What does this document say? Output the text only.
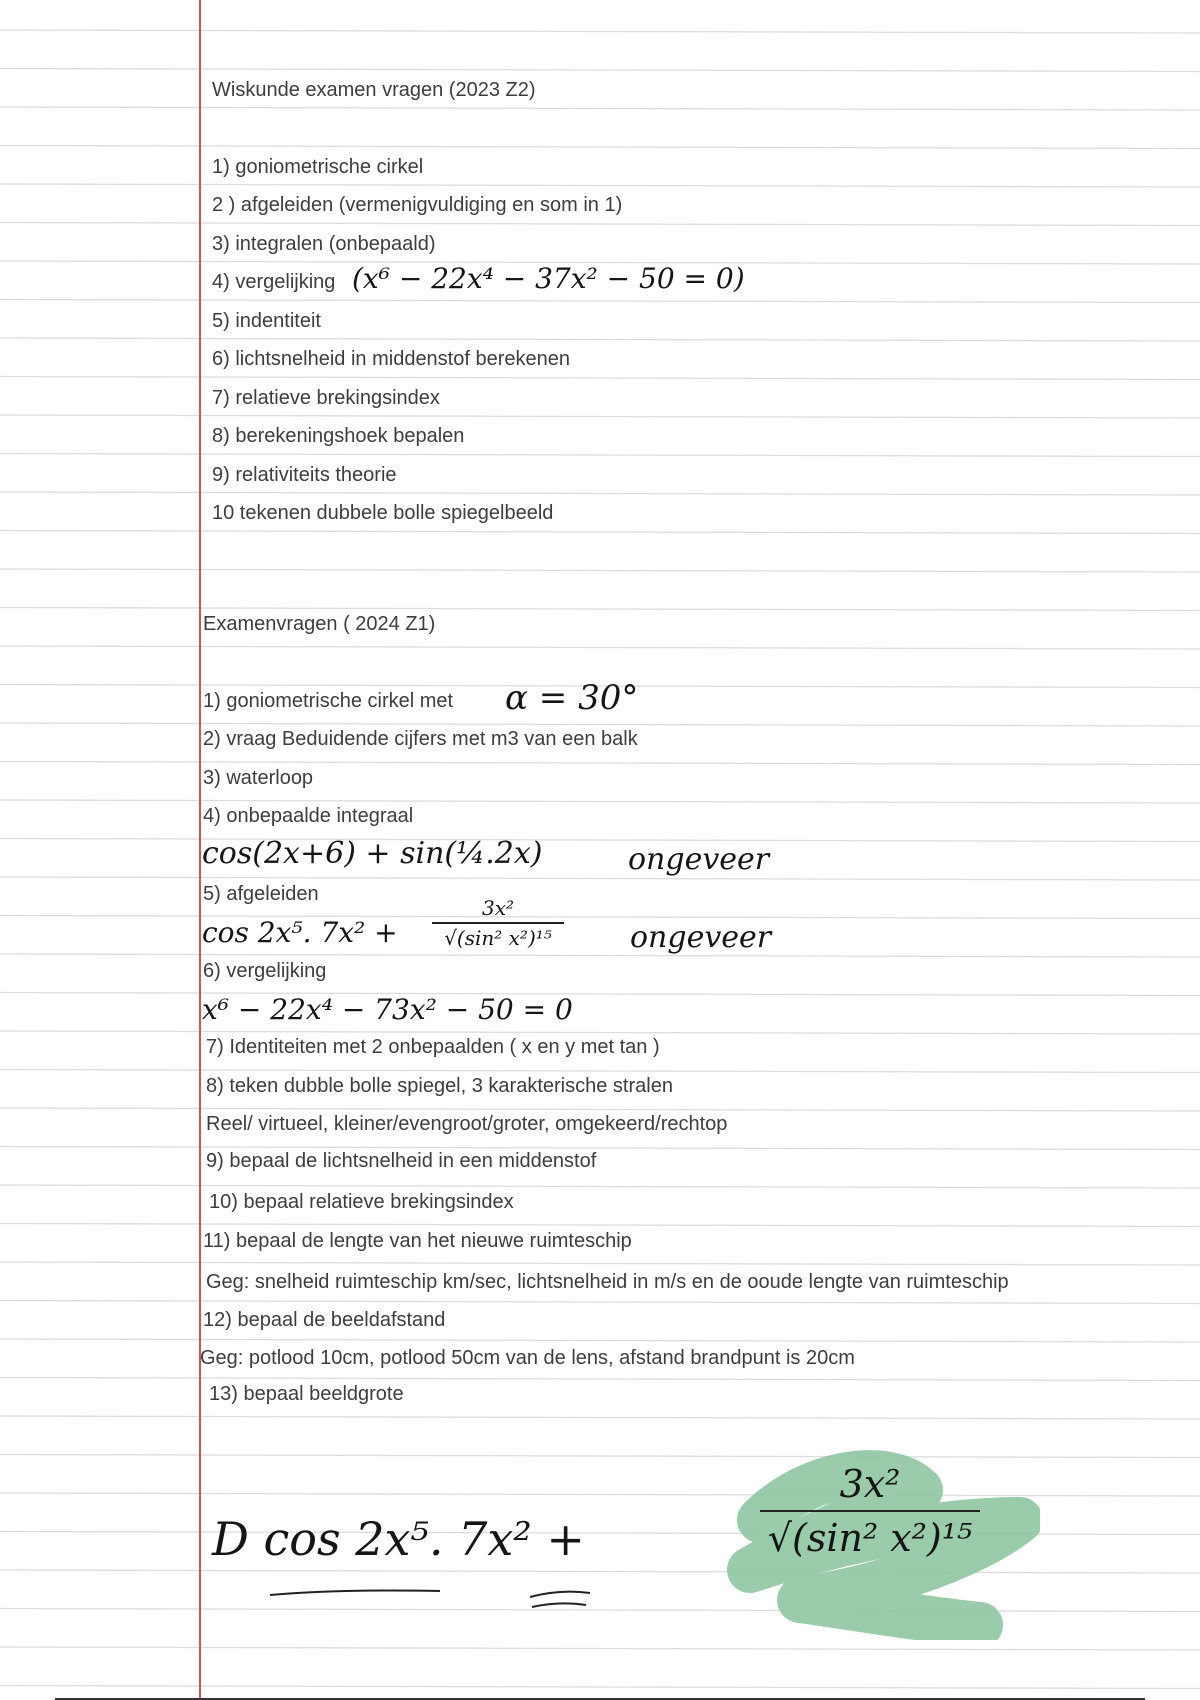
Wiskunde examen vragen (2023 Z2)
1) goniometrische cirkel
2 ) afgeleiden (vermenigvuldiging en som in 1)
3) integralen (onbepaald)
4) vergelijking (x⁶ − 22x⁴ − 37x² − 50 = 0)
5) indentiteit
6) lichtsnelheid in middenstof berekenen
7) relatieve brekingsindex
8) berekeningshoek bepalen
9) relativiteits theorie
10 tekenen dubbele bolle spiegelbeeld
Examenvragen ( 2024 Z1)
1) goniometrische cirkel met α = 30°
2) vraag Beduidende cijfers met m3 van een balk
3) waterloop
4) onbepaalde integraal
cos(2x+6) + sin(¼.2x)	ongeveer
5) afgeleiden
cos 2x⁵. 7x² +
3x²
√(sin² x²)¹⁵	ongeveer
6) vergelijking
x⁶ − 22x⁴ − 73x² − 50 = 0
7) Identiteiten met 2 onbepaalden ( x en y met tan )
8) teken dubble bolle spiegel, 3 karakterische stralen
Reel/ virtueel, kleiner/evengroot/groter, omgekeerd/rechtop
9) bepaal de lichtsnelheid in een middenstof
10) bepaal relatieve brekingsindex
11) bepaal de lengte van het nieuwe ruimteschip
Geg: snelheid ruimteschip km/sec, lichtsnelheid in m/s en de ooude lengte van ruimteschip
12) bepaal de beeldafstand
Geg: potlood 10cm, potlood 50cm van de lens, afstand brandpunt is 20cm
13) bepaal beeldgrote
D cos 2x⁵. 7x² +
3x²
√(sin² x²)¹⁵
